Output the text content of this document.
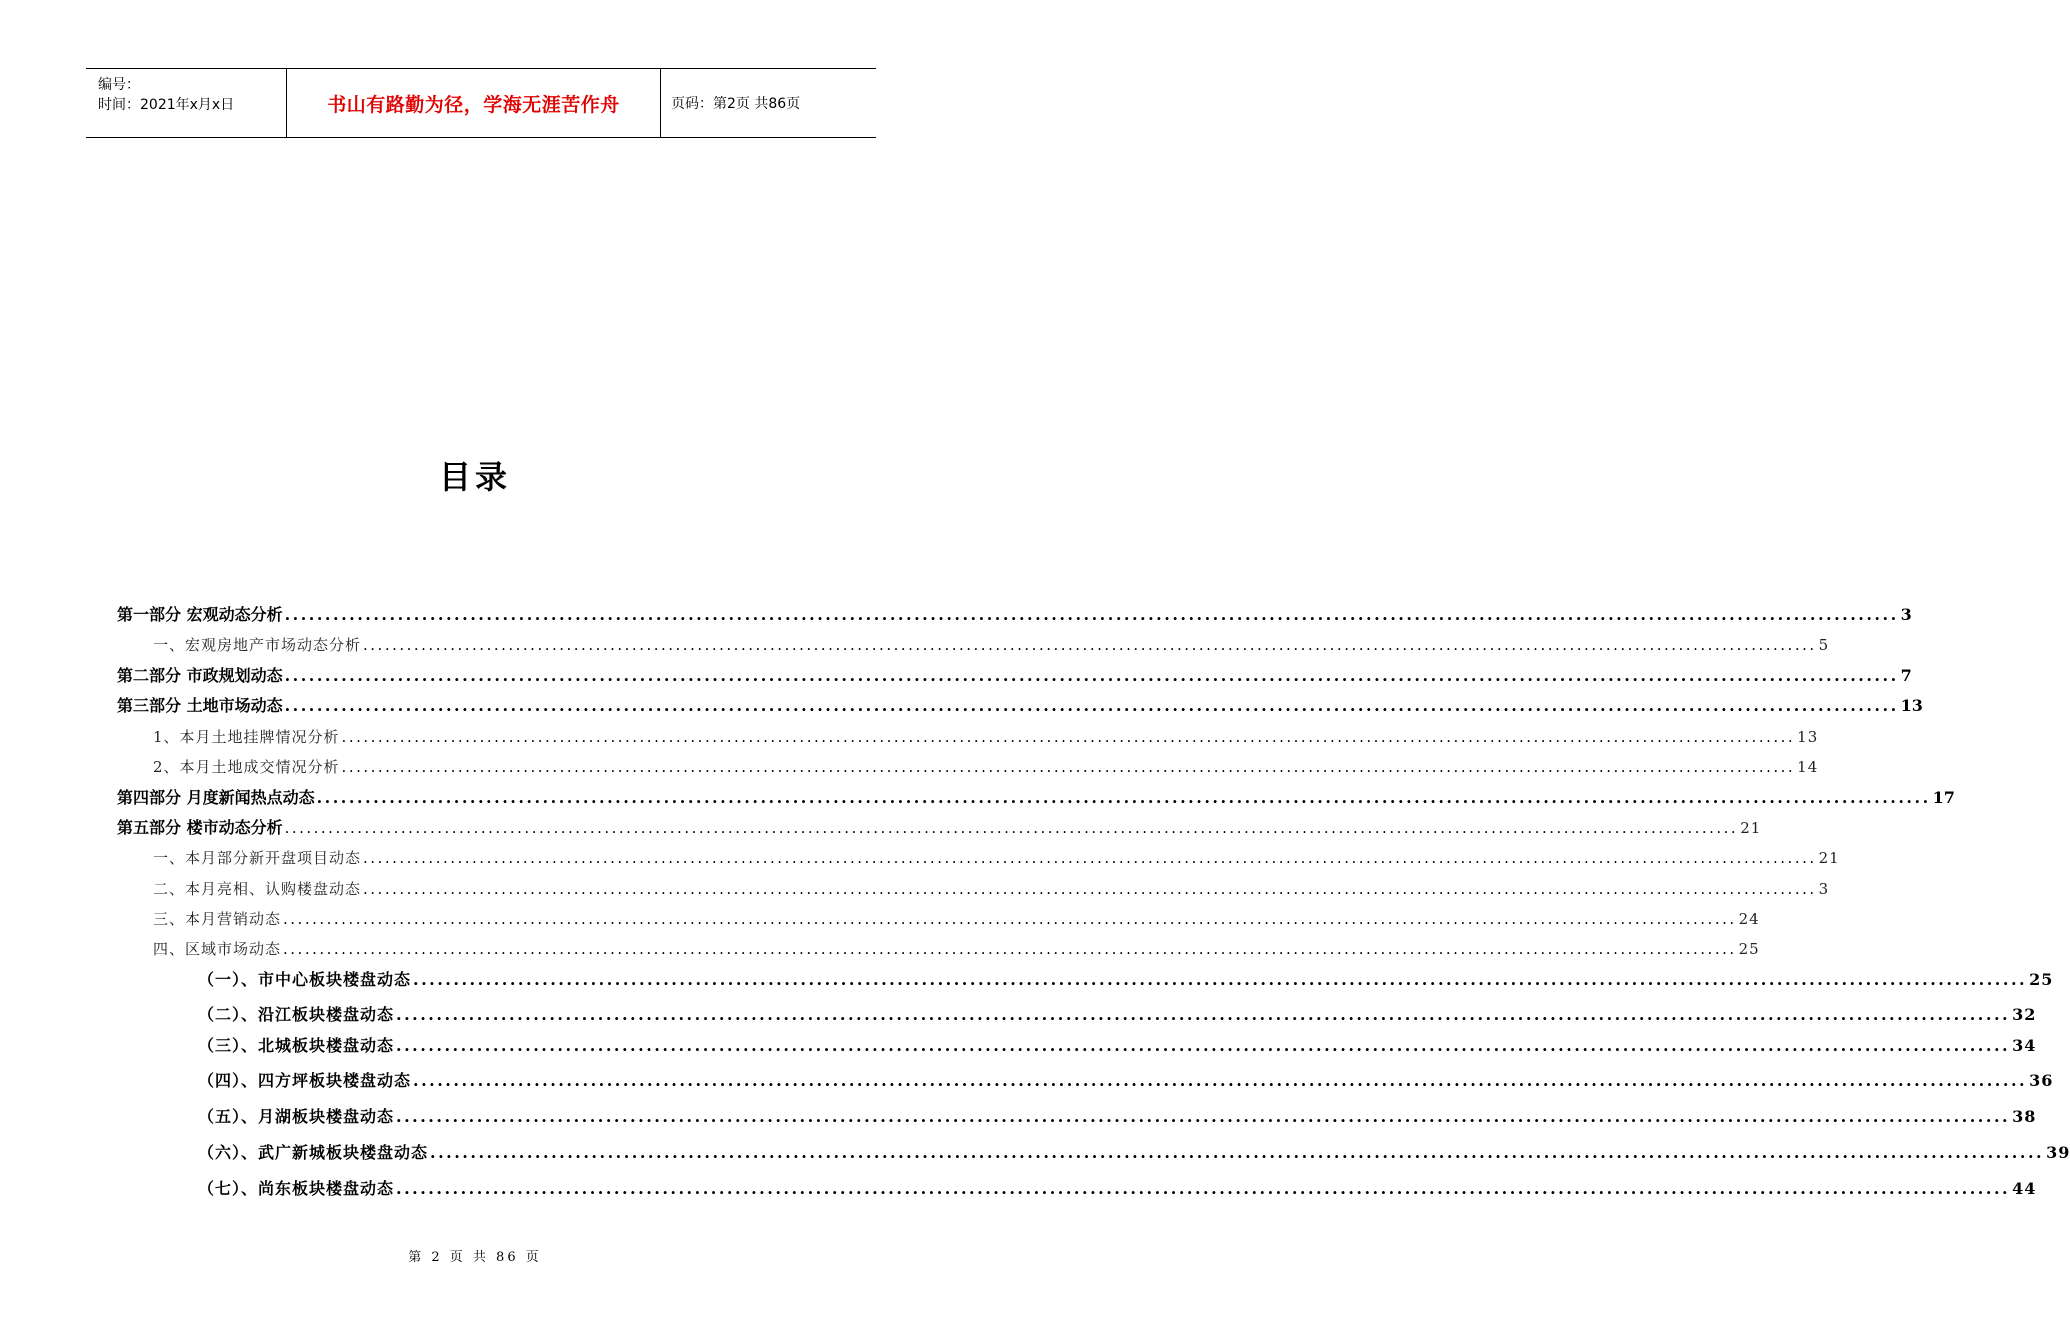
编号：
时间：2021年x月x日	书山有路勤为径，学海无涯苦作舟	页码：第2页 共86页
目录
第一部分 宏观动态分析 ........................................................................................................................................................................................................ 3
一、宏观房地产市场动态分析 ........................................................................................................................................................................................................ 5
第二部分 市政规划动态 ........................................................................................................................................................................................................ 7
第三部分 土地市场动态 ........................................................................................................................................................................................................ 13
1、本月土地挂牌情况分析 ........................................................................................................................................................................................................ 13
2、本月土地成交情况分析 ........................................................................................................................................................................................................ 14
第四部分 月度新闻热点动态 ........................................................................................................................................................................................................ 17
第五部分 楼市动态分析 ........................................................................................................................................................................................................ 21
一、本月部分新开盘项目动态 ........................................................................................................................................................................................................ 21
二、本月亮相、认购楼盘动态 ........................................................................................................................................................................................................ 3
三、本月营销动态 ........................................................................................................................................................................................................ 24
四、区域市场动态 ........................................................................................................................................................................................................ 25
（一）、市中心板块楼盘动态 ........................................................................................................................................................................................................ 25
（二）、沿江板块楼盘动态 ........................................................................................................................................................................................................ 32
（三）、北城板块楼盘动态 ........................................................................................................................................................................................................ 34
（四）、四方坪板块楼盘动态 ........................................................................................................................................................................................................ 36
（五）、月湖板块楼盘动态 ........................................................................................................................................................................................................ 38
（六）、武广新城板块楼盘动态 ........................................................................................................................................................................................................ 39
（七）、尚东板块楼盘动态 ........................................................................................................................................................................................................ 44
第 2 页 共 86 页
